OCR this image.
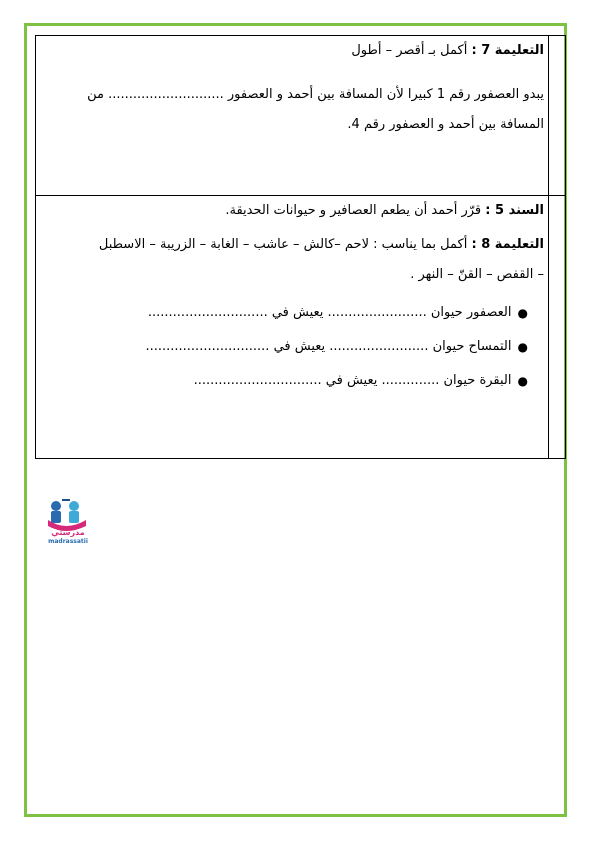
التعليمة 7 : أكمل بـ أقصر – أطول

يبدو العصفور رقم 1 كبيرا لأن المسافة بين أحمد و العصفور ............................ من

المسافة بين أحمد و العصفور رقم 4.

السند 5 : قرّر أحمد أن يطعم العصافير و حيوانات الحديقة.

التعليمة 8 : أكمل بما يناسب : لاحم –كالش – عاشب – الغابة – الزريبة – الاسطبل

– القفص – القنّ – النهر .

●
العصفور حيوان ........................ يعيش في .............................
●
التمساح حيوان ........................ يعيش في ..............................
●
البقرة حيوان .............. يعيش في ...............................
مدرستي
madrassatii
